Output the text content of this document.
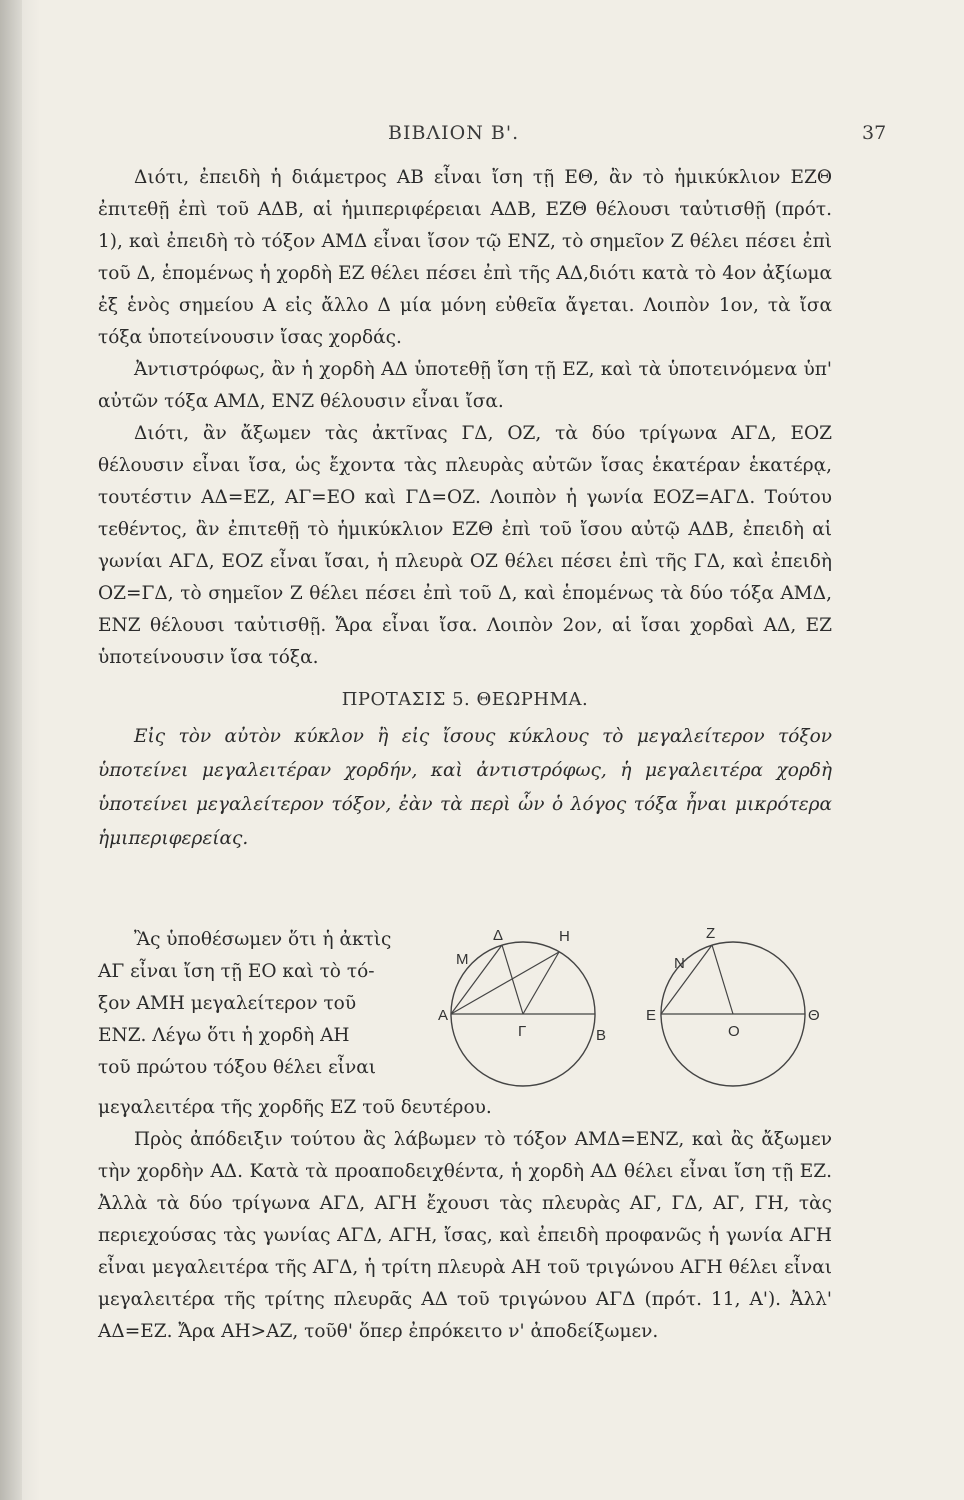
ΒΙΒΛΙΟΝ Β'.	37

Διότι, ἐπειδὴ ἡ διάμετρος ΑΒ εἶναι ἴση τῇ ΕΘ, ἂν τὸ ἡμικύκλιον ΕΖΘ ἐπιτεθῇ ἐπὶ τοῦ ΑΔΒ, αἱ ἡμιπεριφέρειαι ΑΔΒ, ΕΖΘ θέλουσι ταὐτισθῇ (πρότ. 1), καὶ ἐπειδὴ τὸ τόξον ΑΜΔ εἶναι ἴσον τῷ ΕΝΖ, τὸ σημεῖον Ζ θέλει πέσει ἐπὶ τοῦ Δ, ἑπομένως ἡ χορδὴ ΕΖ θέλει πέσει ἐπὶ τῆς ΑΔ,διότι κατὰ τὸ 4ον ἀξίωμα ἐξ ἑνὸς σημείου Α εἰς ἄλλο Δ μία μόνη εὐθεῖα ἄγεται. Λοιπὸν 1ον, τὰ ἴσα τόξα ὑποτείνουσιν ἴσας χορδάς.

Ἀντιστρόφως, ἂν ἡ χορδὴ ΑΔ ὑποτεθῇ ἴση τῇ ΕΖ, καὶ τὰ ὑποτεινόμενα ὑπ' αὐτῶν τόξα ΑΜΔ, ΕΝΖ θέλουσιν εἶναι ἴσα.

Διότι, ἂν ἄξωμεν τὰς ἀκτῖνας ΓΔ, ΟΖ, τὰ δύο τρίγωνα ΑΓΔ, ΕΟΖ θέλουσιν εἶναι ἴσα, ὡς ἔχοντα τὰς πλευρὰς αὐτῶν ἴσας ἑκατέραν ἑκατέρᾳ, τουτέστιν ΑΔ=ΕΖ, ΑΓ=ΕΟ καὶ ΓΔ=ΟΖ. Λοιπὸν ἡ γωνία ΕΟΖ=ΑΓΔ. Τούτου τεθέντος, ἂν ἐπιτεθῇ τὸ ἡμικύκλιον ΕΖΘ ἐπὶ τοῦ ἴσου αὐτῷ ΑΔΒ, ἐπειδὴ αἱ γωνίαι ΑΓΔ, ΕΟΖ εἶναι ἴσαι, ἡ πλευρὰ ΟΖ θέλει πέσει ἐπὶ τῆς ΓΔ, καὶ ἐπειδὴ ΟΖ=ΓΔ, τὸ σημεῖον Ζ θέλει πέσει ἐπὶ τοῦ Δ, καὶ ἑπομένως τὰ δύο τόξα ΑΜΔ, ΕΝΖ θέλουσι ταὐτισθῇ. Ἄρα εἶναι ἴσα. Λοιπὸν 2ον, αἱ ἴσαι χορδαὶ ΑΔ, ΕΖ ὑποτείνουσιν ἴσα τόξα.

ΠΡΟΤΑΣΙΣ 5. ΘΕΩΡΗΜΑ.

Εἰς τὸν αὐτὸν κύκλον ἢ εἰς ἴσους κύκλους τὸ μεγαλείτερον τόξον ὑποτείνει μεγαλειτέραν χορδήν, καὶ ἀντιστρόφως, ἡ μεγαλειτέρα χορδὴ ὑποτείνει μεγαλείτερον τόξον, ἐὰν τὰ περὶ ὧν ὁ λόγος τόξα ἦναι μικρότερα ἡμιπεριφερείας.

Ἂς ὑποθέσωμεν ὅτι ἡ ἀκτὶς
ΑΓ εἶναι ἴση τῇ ΕΟ καὶ τὸ τό-
ξον ΑΜΗ μεγαλείτερον τοῦ
ΕΝΖ. Λέγω ὅτι ἡ χορδὴ ΑΗ
τοῦ πρώτου τόξου θέλει εἶναι
A
M
Δ	H
Γ	B
Z
N
E
O
Θ

μεγαλειτέρα τῆς χορδῆς ΕΖ τοῦ δευτέρου.

Πρὸς ἀπόδειξιν τούτου ἂς λάβωμεν τὸ τόξον ΑΜΔ=ΕΝΖ, καὶ ἂς ἄξωμεν τὴν χορδὴν ΑΔ. Κατὰ τὰ προαποδειχθέντα, ἡ χορδὴ ΑΔ θέλει εἶναι ἴση τῇ ΕΖ. Ἀλλὰ τὰ δύο τρίγωνα ΑΓΔ, ΑΓΗ ἔχουσι τὰς πλευρὰς ΑΓ, ΓΔ, ΑΓ, ΓΗ, τὰς περιεχούσας τὰς γωνίας ΑΓΔ, ΑΓΗ, ἴσας, καὶ ἐπειδὴ προφανῶς ἡ γωνία ΑΓΗ εἶναι μεγαλειτέρα τῆς ΑΓΔ, ἡ τρίτη πλευρὰ ΑΗ τοῦ τριγώνου ΑΓΗ θέλει εἶναι μεγαλειτέρα τῆς τρίτης πλευρᾶς ΑΔ τοῦ τριγώνου ΑΓΔ (πρότ. 11, Α'). Ἀλλ' ΑΔ=ΕΖ. Ἄρα ΑΗ>ΑΖ, τοῦθ' ὅπερ ἐπρόκειτο ν' ἀποδείξωμεν.
